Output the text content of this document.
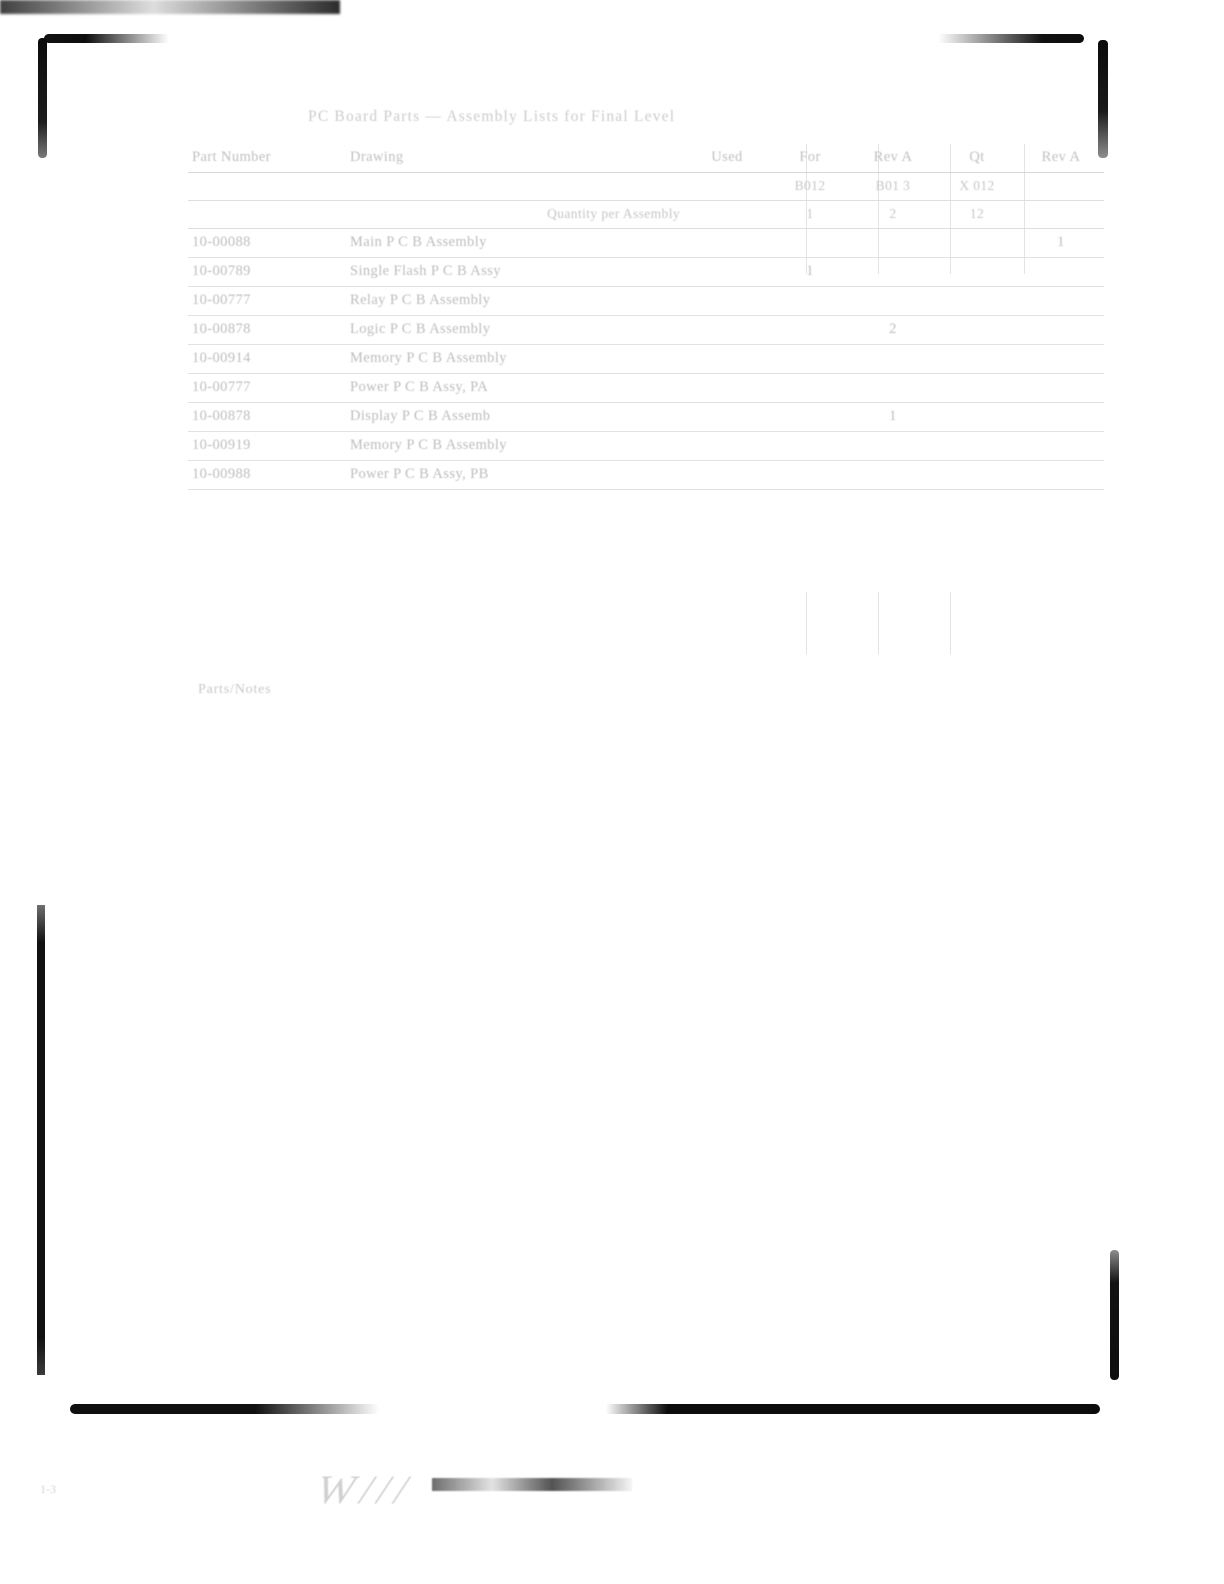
PC Board Parts — Assembly Lists for Final Level
Part Number	Drawing	Used	For	Rev A	Qt	Rev A
			B012	B01 3	X 012	
	Quantity per Assembly		1	2	12	
10-00088	Main P C B Assembly					1
10-00789	Single Flash P C B Assy		1			
10-00777	Relay P C B Assembly					
10-00878	Logic P C B Assembly			2		
10-00914	Memory P C B Assembly					
10-00777	Power P C B Assy, PA					
10-00878	Display P C B Assemb			1		
10-00919	Memory P C B Assembly					
10-00988	Power P C B Assy, PB					
Parts/Notes
W///
1-3
